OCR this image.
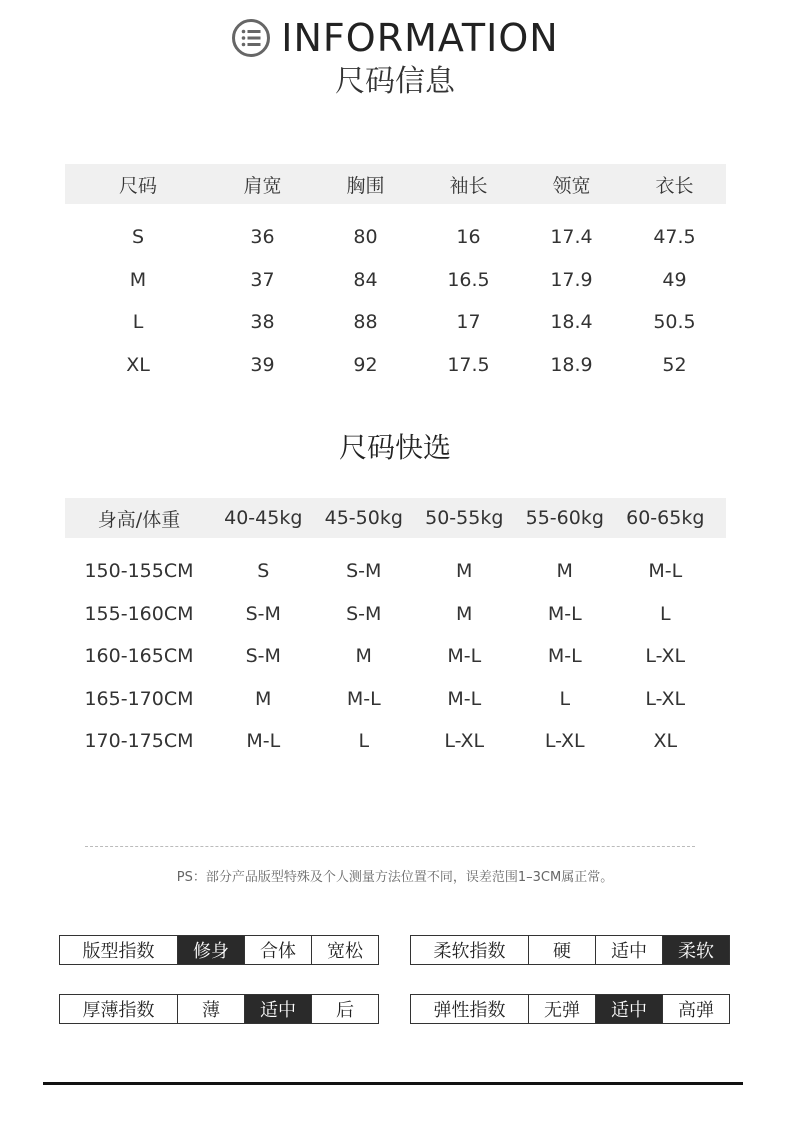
INFORMATION
尺码信息
尺码	肩宽	胸围	袖长	领宽	衣长
S	36	80	16	17.4	47.5
M	37	84	16.5	17.9	49
L	38	88	17	18.4	50.5
XL	39	92	17.5	18.9	52
尺码快选
身高/体重	40-45kg	45-50kg	50-55kg	55-60kg	60-65kg
150-155CM	S	S-M	M	M	M-L
155-160CM	S-M	S-M	M	M-L	L
160-165CM	S-M	M	M-L	M-L	L-XL
165-170CM	M	M-L	M-L	L	L-XL
170-175CM	M-L	L	L-XL	L-XL	XL
PS：部分产品版型特殊及个人测量方法位置不同，误差范围1–3CM属正常。
版型指数	修身	合体	宽松	柔软指数	硬	适中	柔软
厚薄指数	薄	适中	后	弹性指数	无弹	适中	高弹
